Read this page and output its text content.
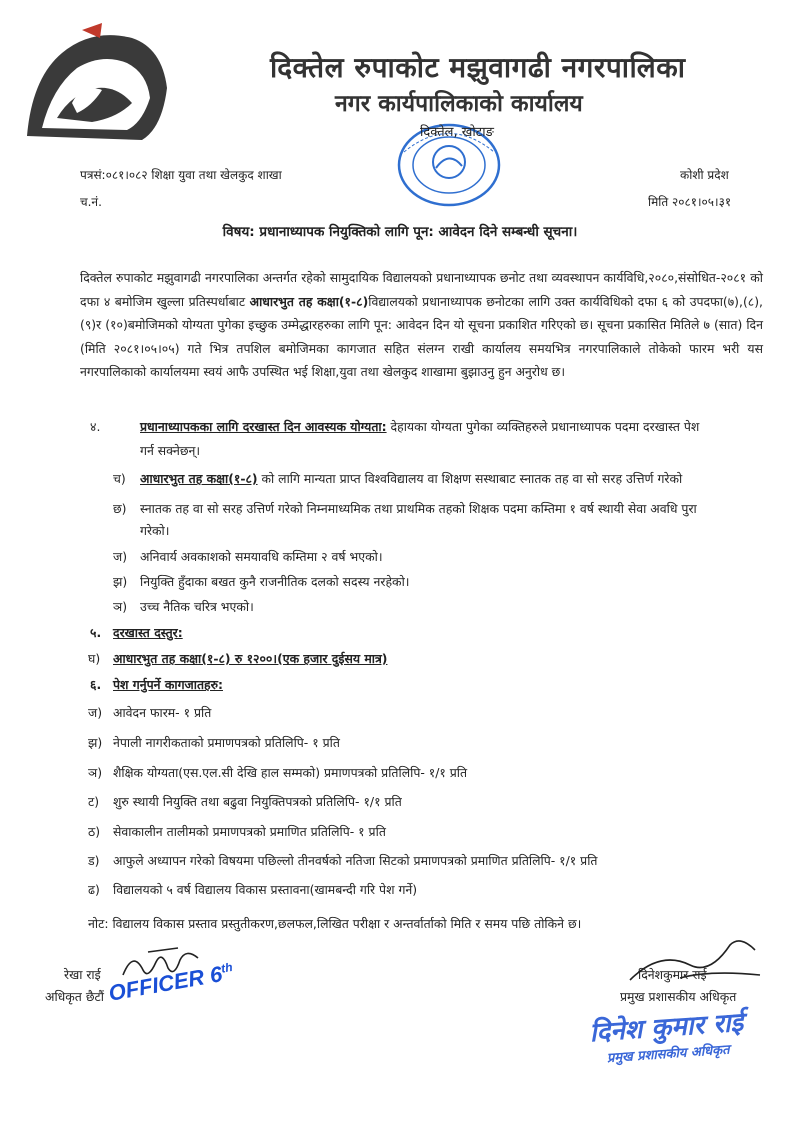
दिक्तेल रुपाकोट मझुवागढी नगरपालिका
नगर कार्यपालिकाको कार्यालय
दिक्तेल, खोटाङ
पत्रसं:०८१।०८२ शिक्षा युवा तथा खेलकुद शाखा
च.नं.
कोशी प्रदेश
मिति २०८१।०५।३१
विषय: प्रधानाध्यापक नियुक्तिको लागि पून: आवेदन दिने सम्बन्धी सूचना।
दिक्तेल रुपाकोट मझुवागढी नगरपालिका अन्तर्गत रहेको सामुदायिक विद्यालयको प्रधानाध्यापक छनोट तथा व्यवस्थापन कार्यविधि,२०८०,संसोधित-२०८१ को दफा ४ बमोजिम खुल्ला प्रतिस्पर्धाबाट आधारभुत तह कक्षा(१-८)विद्यालयको प्रधानाध्यापक छनोटका लागि उक्त कार्यविधिको दफा ६ को उपदफा(७),(८),(९)र (१०)बमोजिमको योग्यता पुगेका इच्छुक उम्मेद्धारहरुका लागि पून: आवेदन दिन यो सूचना प्रकाशित गरिएको छ। सूचना प्रकासित मितिले ७ (सात) दिन (मिति २०८१।०५।०५) गते भित्र तपशिल बमोजिमका कागजात सहित संलग्न राखी कार्यालय समयभित्र नगरपालिकाले तोकेको फारम भरी यस नगरपालिकाको कार्यालयमा स्वयं आफै उपस्थित भई शिक्षा,युवा तथा खेलकुद शाखामा बुझाउनु हुन अनुरोध छ।
४.	प्रधानाध्यापकका लागि दरखास्त दिन आवस्यक योग्यता: देहायका योग्यता पुगेका व्यक्तिहरुले प्रधानाध्यापक पदमा दरखास्त पेश
गर्न सक्नेछन्।
च) आधारभुत तह कक्षा(१-८) को लागि मान्यता प्राप्त विश्वविद्यालय वा शिक्षण सस्थाबाट स्नातक तह वा सो सरह उत्तिर्ण गरेको
छ) स्नातक तह वा सो सरह उत्तिर्ण गरेको निम्नमाध्यमिक तथा प्राथमिक तहको शिक्षक पदमा कम्तिमा १ वर्ष स्थायी सेवा अवधि पुरा
गरेको।
ज) अनिवार्य अवकाशको समयावधि कम्तिमा २ वर्ष भएको।
झ) नियुक्ति हुँदाका बखत कुनै राजनीतिक दलको सदस्य नरहेको।
ञ) उच्च नैतिक चरित्र भएको।
५. दरखास्त दस्तुर:
घ) आधारभुत तह कक्षा(१-८) रु १२००।(एक हजार दुईसय मात्र)
६. पेश गर्नुपर्ने कागजातहरु:
ज) आवेदन फारम- १ प्रति
झ) नेपाली नागरीकताको प्रमाणपत्रको प्रतिलिपि- १ प्रति
ञ) शैक्षिक योग्यता(एस.एल.सी देखि हाल सम्मको) प्रमाणपत्रको प्रतिलिपि- १/१ प्रति
ट) शुरु स्थायी नियुक्ति तथा बढुवा नियुक्तिपत्रको प्रतिलिपि- १/१ प्रति
ठ) सेवाकालीन तालीमको प्रमाणपत्रको प्रमाणित प्रतिलिपि- १ प्रति
ड) आफुले अध्यापन गरेको विषयमा पछिल्लो तीनवर्षको नतिजा सिटको प्रमाणपत्रको प्रमाणित प्रतिलिपि- १/१ प्रति
ढ) विद्यालयको ५ वर्ष विद्यालय विकास प्रस्तावना(खामबन्दी गरि पेश गर्ने)
नोट: विद्यालय विकास प्रस्ताव प्रस्तुतीकरण,छलफल,लिखित परीक्षा र अन्तर्वार्ताको मिति र समय पछि तोकिने छ।
रेखा राई
अधिकृत छैटौं OFFICER 6th	दिनेशकुमार राई
प्रमुख प्रशासकीय अधिकृत
दिनेश कुमार राई
प्रमुख प्रशासकीय अधिकृत
